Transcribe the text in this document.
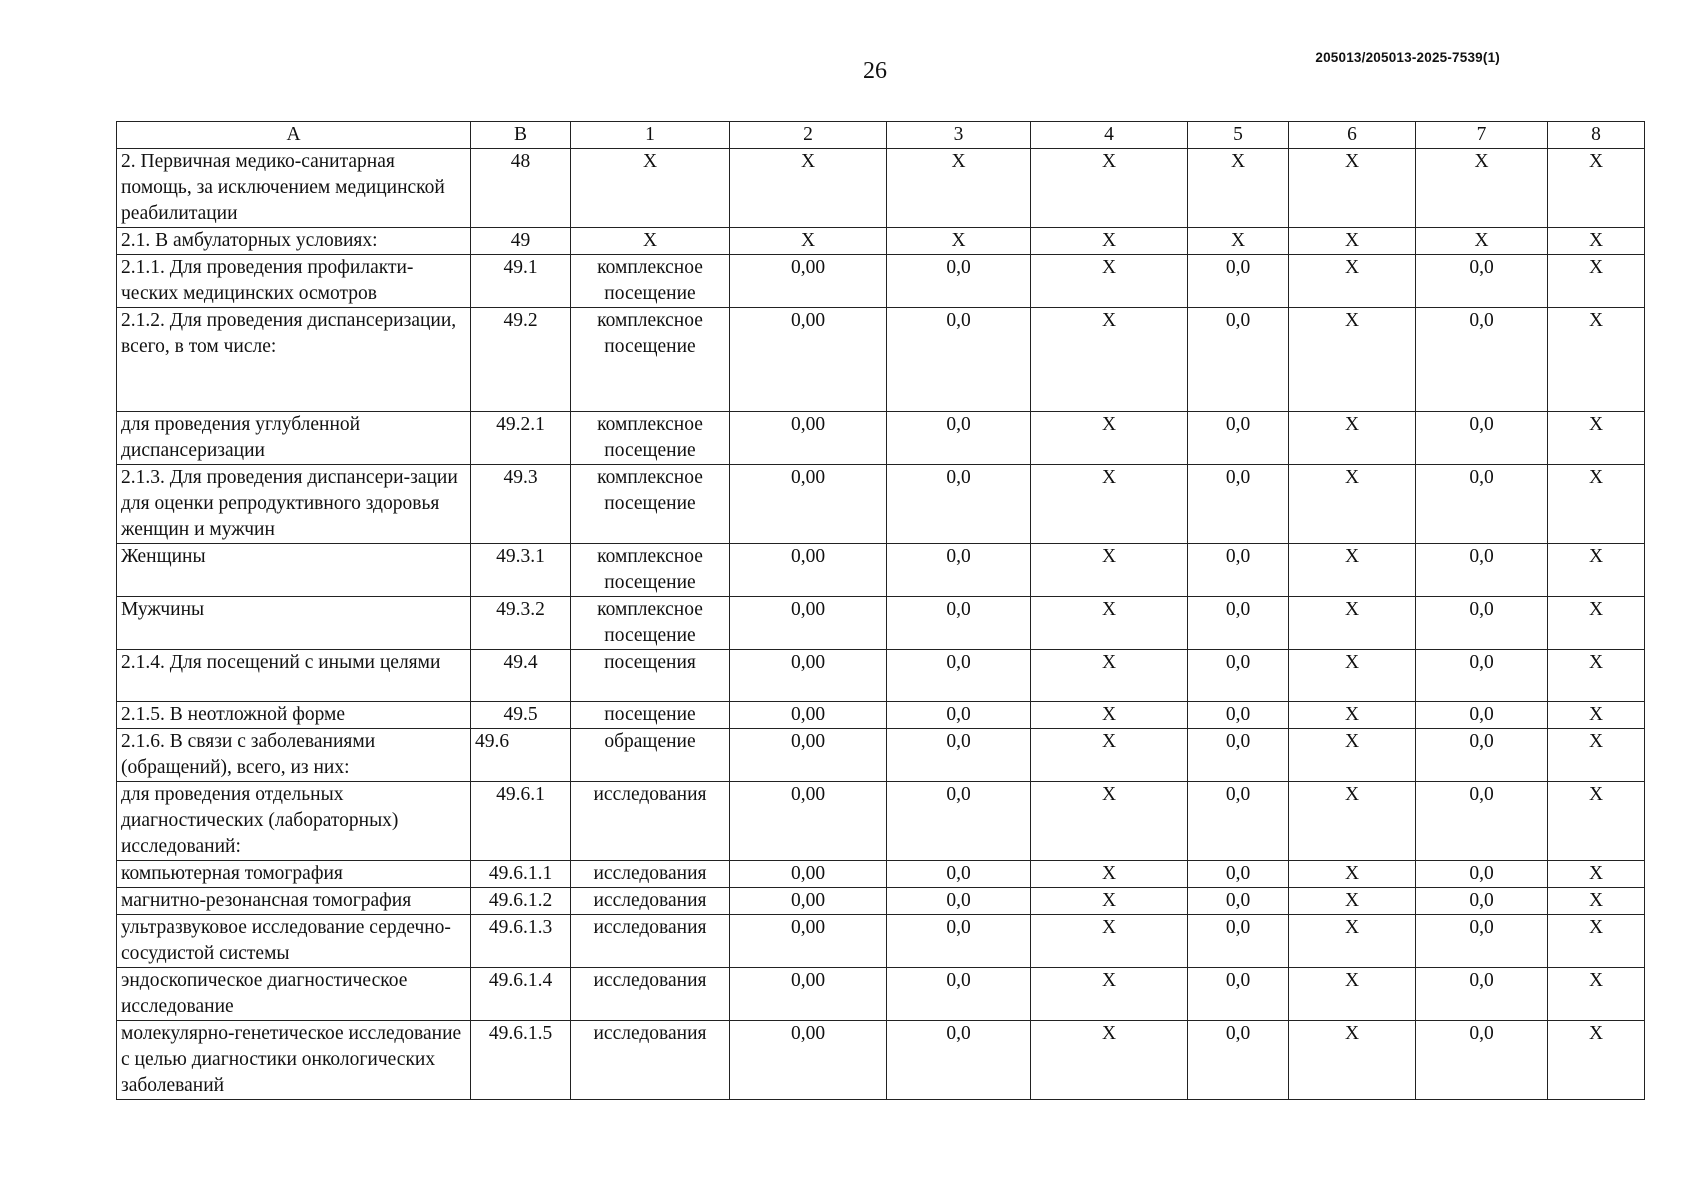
26
205013/205013-2025-7539(1)
А	В	1	2	3	4	5	6	7	8
2. Первичная медико-санитарная помощь, за исключением медицинской реабилитации	48	Х	Х	Х	Х	Х	Х	Х	Х
2.1. В амбулаторных условиях:	49	Х	Х	Х	Х	Х	Х	Х	Х
2.1.1. Для проведения профилакти-ческих медицинских осмотров	49.1	комплексное посещение	0,00	0,0	Х	0,0	Х	0,0	Х
2.1.2. Для проведения диспансеризации, всего, в том числе:	49.2	комплексное посещение	0,00	0,0	Х	0,0	Х	0,0	Х
для проведения углубленной диспансеризации	49.2.1	комплексное посещение	0,00	0,0	Х	0,0	Х	0,0	Х
2.1.3. Для проведения диспансери-зации для оценки репродуктивного здоровья женщин и мужчин	49.3	комплексное посещение	0,00	0,0	Х	0,0	Х	0,0	Х
Женщины	49.3.1	комплексное посещение	0,00	0,0	Х	0,0	Х	0,0	Х
Мужчины	49.3.2	комплексное посещение	0,00	0,0	Х	0,0	Х	0,0	Х
2.1.4. Для посещений с иными целями	49.4	посещения	0,00	0,0	Х	0,0	Х	0,0	Х
2.1.5. В неотложной форме	49.5	посещение	0,00	0,0	Х	0,0	Х	0,0	Х
2.1.6. В связи с заболеваниями (обращений), всего, из них:	49.6	обращение	0,00	0,0	Х	0,0	Х	0,0	Х
для проведения отдельных диагностических (лабораторных) исследований:	49.6.1	исследования	0,00	0,0	Х	0,0	Х	0,0	Х
компьютерная томография	49.6.1.1	исследования	0,00	0,0	Х	0,0	Х	0,0	Х
магнитно-резонансная томография	49.6.1.2	исследования	0,00	0,0	Х	0,0	Х	0,0	Х
ультразвуковое исследование сердечно-сосудистой системы	49.6.1.3	исследования	0,00	0,0	Х	0,0	Х	0,0	Х
эндоскопическое диагностическое исследование	49.6.1.4	исследования	0,00	0,0	Х	0,0	Х	0,0	Х
молекулярно-генетическое исследование с целью диагностики онкологических заболеваний	49.6.1.5	исследования	0,00	0,0	Х	0,0	Х	0,0	Х
